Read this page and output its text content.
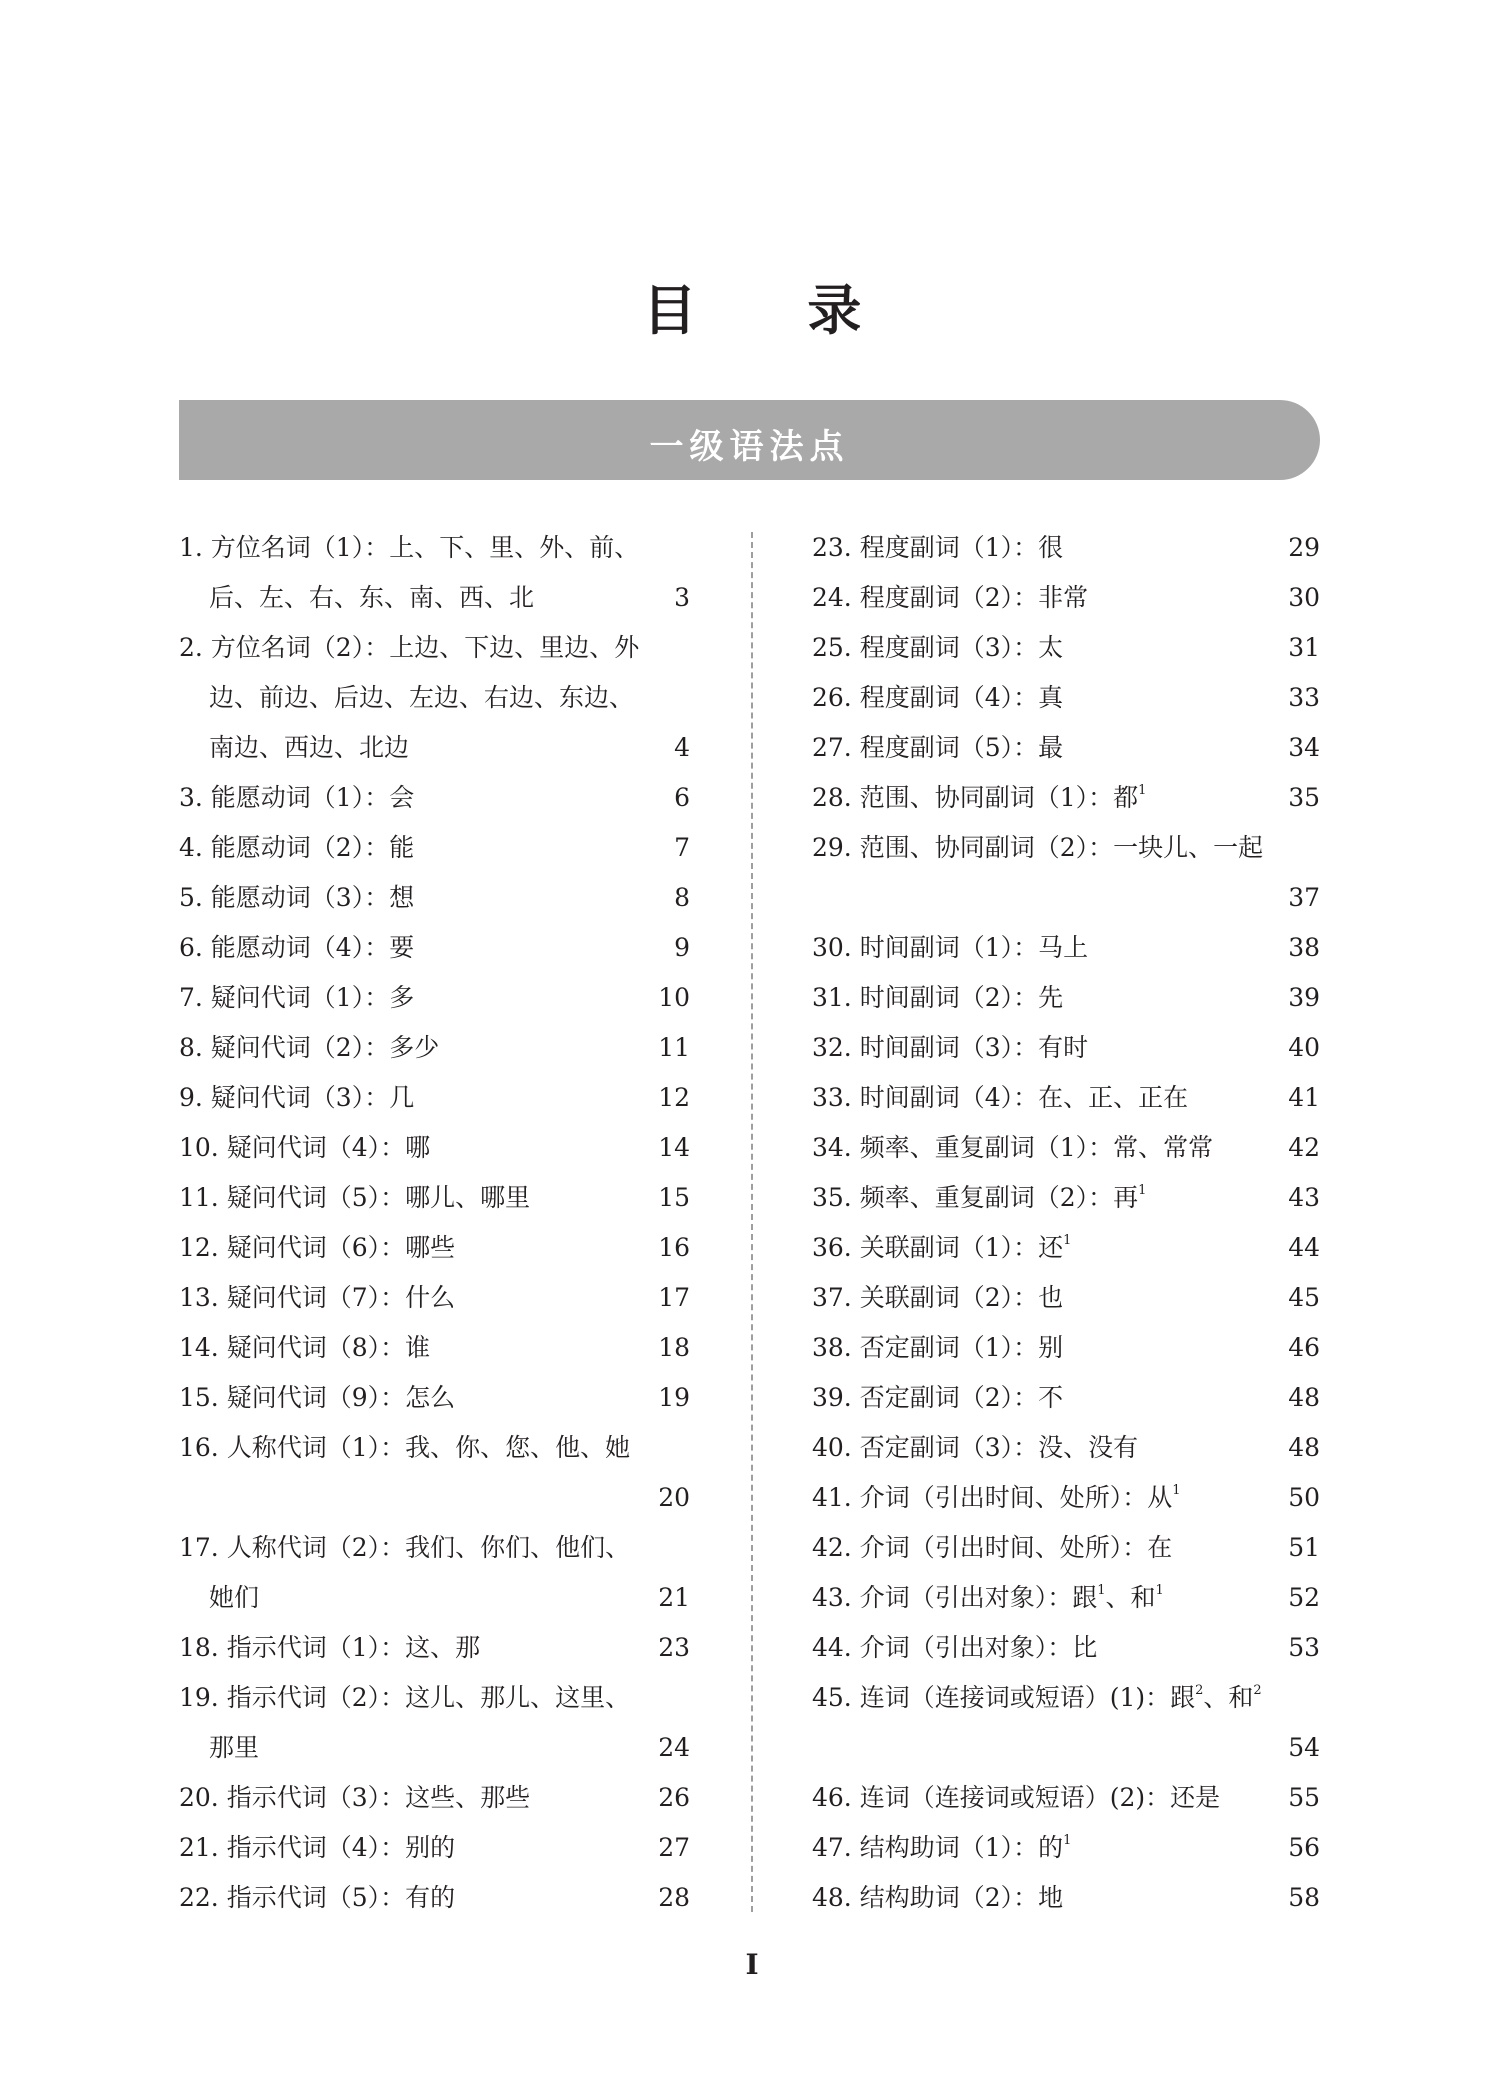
目 录
一级语法点
1. 方位名词（1）：上、下、里、外、前、
后、左、右、东、南、西、北	3
2. 方位名词（2）：上边、下边、里边、外
边、前边、后边、左边、右边、东边、
南边、西边、北边	4
3. 能愿动词（1）：会	6
4. 能愿动词（2）：能	7
5. 能愿动词（3）：想	8
6. 能愿动词（4）：要	9
7. 疑问代词（1）：多	10
8. 疑问代词（2）：多少	11
9. 疑问代词（3）：几	12
10. 疑问代词（4）：哪	14
11. 疑问代词（5）：哪儿、哪里	15
12. 疑问代词（6）：哪些	16
13. 疑问代词（7）：什么	17
14. 疑问代词（8）：谁	18
15. 疑问代词（9）：怎么	19
16. 人称代词（1）：我、你、您、他、她
20
17. 人称代词（2）：我们、你们、他们、
她们	21
18. 指示代词（1）：这、那	23
19. 指示代词（2）：这儿、那儿、这里、
那里	24
20. 指示代词（3）：这些、那些	26
21. 指示代词（4）：别的	27
22. 指示代词（5）：有的	28
23. 程度副词（1）：很	29
24. 程度副词（2）：非常	30
25. 程度副词（3）：太	31
26. 程度副词（4）：真	33
27. 程度副词（5）：最	34
28. 范围、协同副词（1）：都$^1$	35
29. 范围、协同副词（2）：一块儿、一起
37
30. 时间副词（1）：马上	38
31. 时间副词（2）：先	39
32. 时间副词（3）：有时	40
33. 时间副词（4）：在、正、正在	41
34. 频率、重复副词（1）：常、常常	42
35. 频率、重复副词（2）：再$^1$	43
36. 关联副词（1）：还$^1$	44
37. 关联副词（2）：也	45
38. 否定副词（1）：别	46
39. 否定副词（2）：不	48
40. 否定副词（3）：没、没有	48
41. 介词（引出时间、处所）：从$^1$	50
42. 介词（引出时间、处所）：在	51
43. 介词（引出对象）：跟$^1$、和$^1$	52
44. 介词（引出对象）：比	53
45. 连词（连接词或短语）(1)：跟$^2$、和$^2$
54
46. 连词（连接词或短语）(2)：还是	55
47. 结构助词（1）：的$^1$	56
48. 结构助词（2）：地	58
I
